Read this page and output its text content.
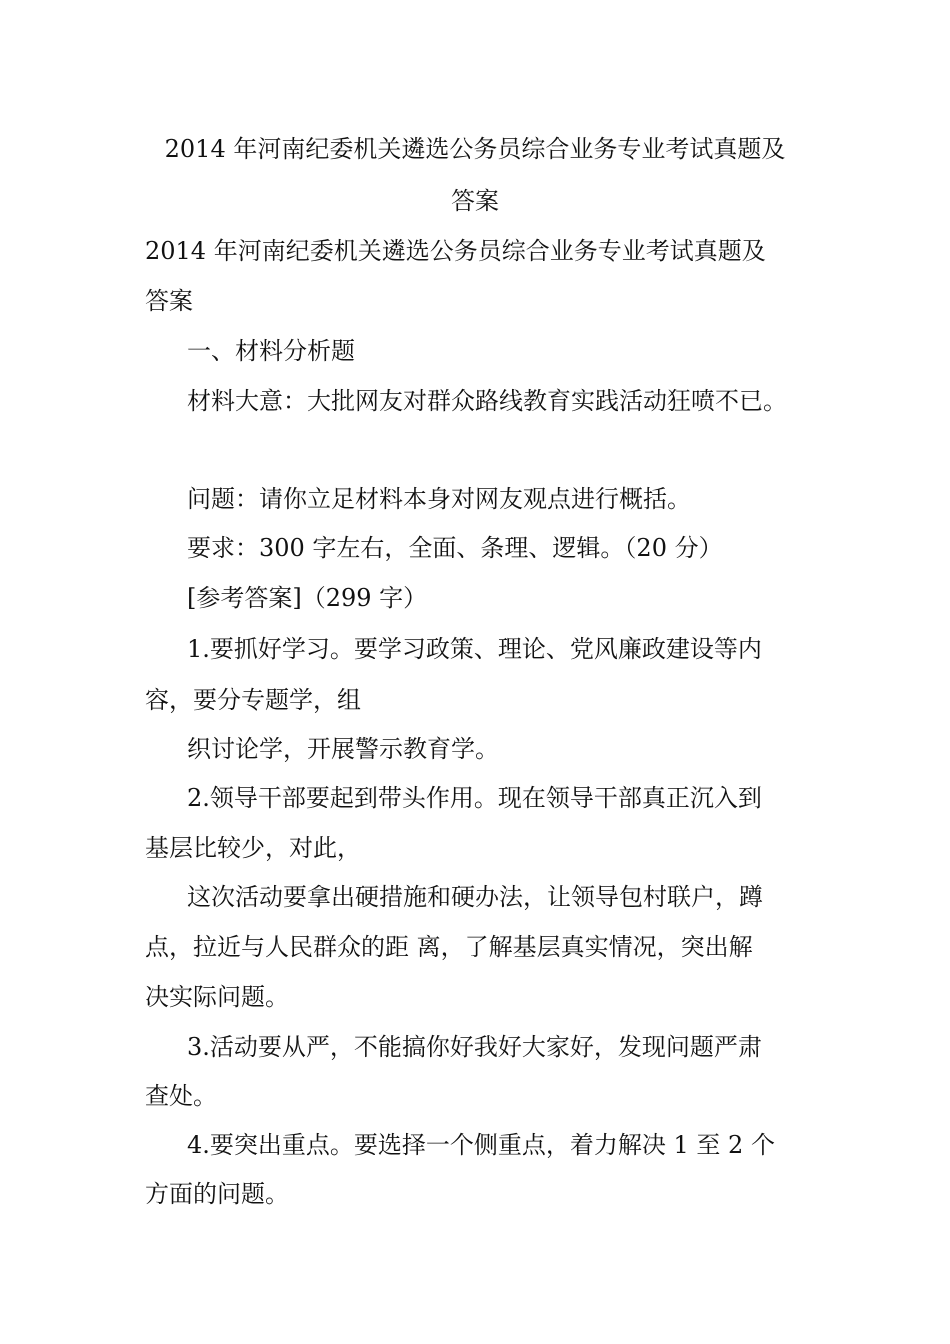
2014 年河南纪委机关遴选公务员综合业务专业考试真题及
答案
2014 年河南纪委机关遴选公务员综合业务专业考试真题及
答案
一、材料分析题
材料大意：大批网友对群众路线教育实践活动狂喷不已。
问题：请你立足材料本身对网友观点进行概括。
要求：300 字左右，全面、条理、逻辑。（20 分）
[参考答案]（299 字）
1.要抓好学习。要学习政策、理论、党风廉政建设等内
容，要分专题学，组
织讨论学，开展警示教育学。
2.领导干部要起到带头作用。现在领导干部真正沉入到
基层比较少，对此，
这次活动要拿出硬措施和硬办法，让领导包村联户，蹲
点，拉近与人民群众的距 离，了解基层真实情况，突出解
决实际问题。
3.活动要从严，不能搞你好我好大家好，发现问题严肃
查处。
4.要突出重点。要选择一个侧重点，着力解决 1 至 2 个
方面的问题。
